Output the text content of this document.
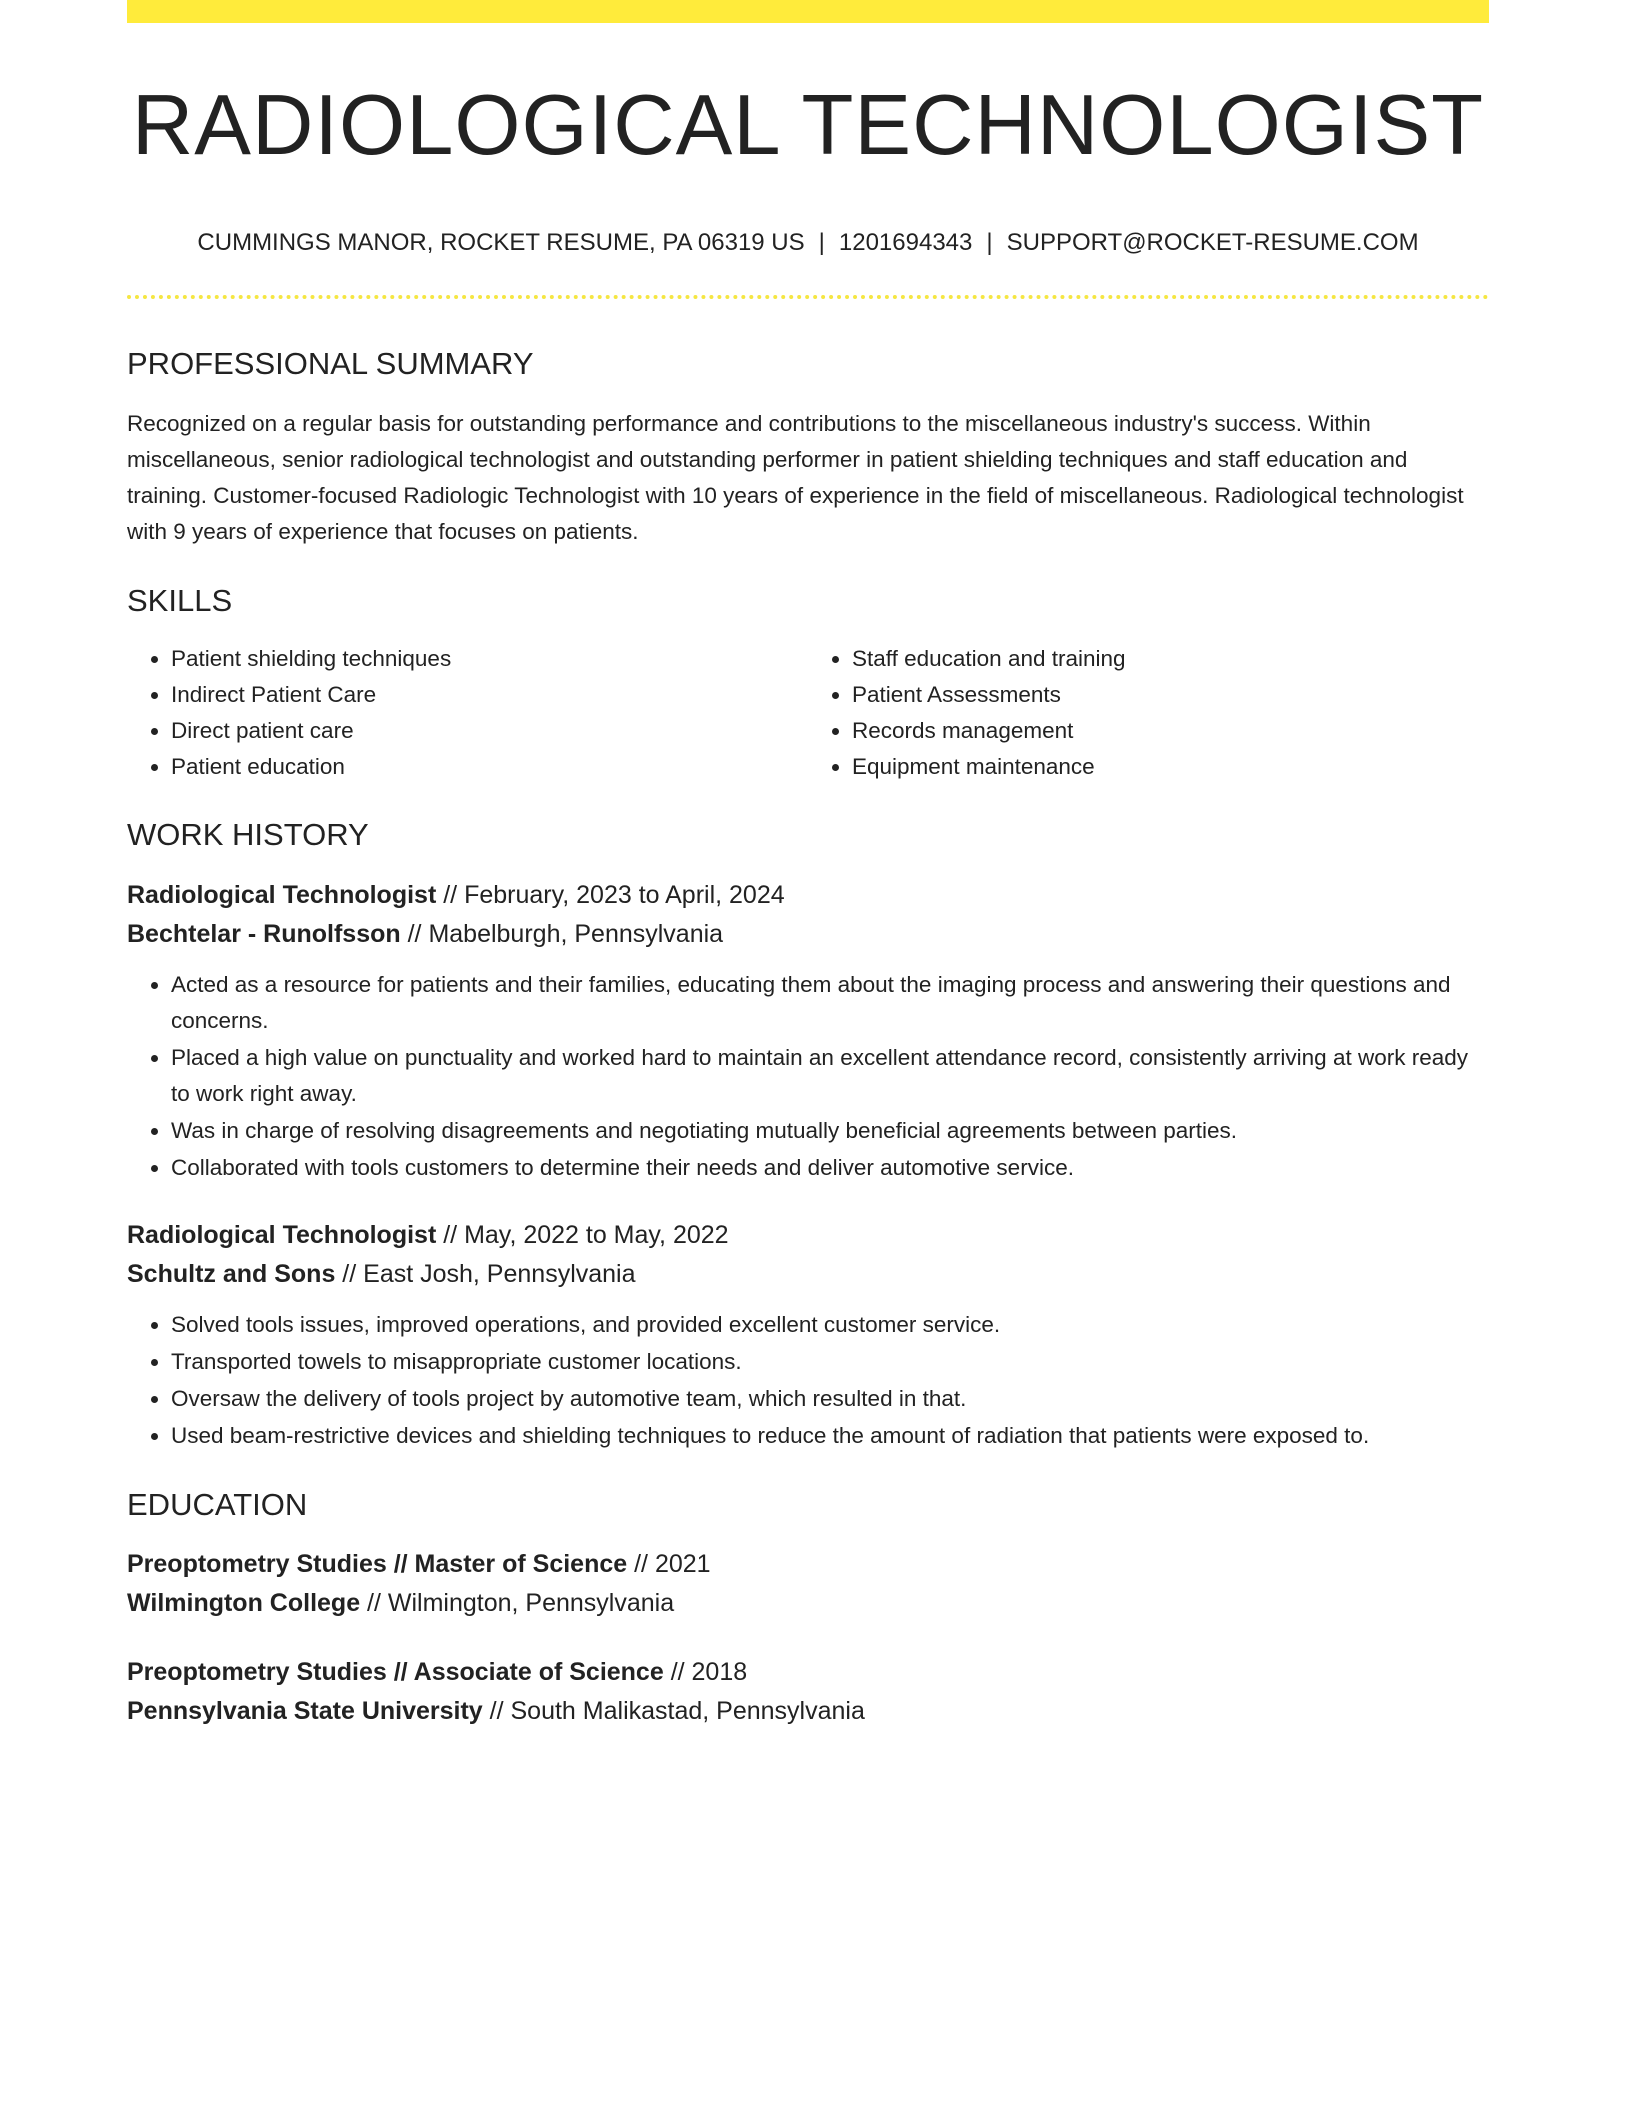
RADIOLOGICAL TECHNOLOGIST
CUMMINGS MANOR, ROCKET RESUME, PA 06319 US | 1201694343 | SUPPORT@ROCKET-RESUME.COM
PROFESSIONAL SUMMARY

Recognized on a regular basis for outstanding performance and contributions to the miscellaneous industry's success. Within miscellaneous, senior radiological technologist and outstanding performer in patient shielding techniques and staff education and training. Customer-focused Radiologic Technologist with 10 years of experience in the field of miscellaneous. Radiological technologist with 9 years of experience that focuses on patients.

SKILLS
• Patient shielding techniques
• Indirect Patient Care
• Direct patient care
• Patient education
• Staff education and training
• Patient Assessments
• Records management
• Equipment maintenance
WORK HISTORY
Radiological Technologist // February, 2023 to April, 2024
Bechtelar - Runolfsson // Mabelburgh, Pennsylvania
• Acted as a resource for patients and their families, educating them about the imaging process and answering their questions and concerns.
• Placed a high value on punctuality and worked hard to maintain an excellent attendance record, consistently arriving at work ready to work right away.
• Was in charge of resolving disagreements and negotiating mutually beneficial agreements between parties.
• Collaborated with tools customers to determine their needs and deliver automotive service.
Radiological Technologist // May, 2022 to May, 2022
Schultz and Sons // East Josh, Pennsylvania
• Solved tools issues, improved operations, and provided excellent customer service.
• Transported towels to misappropriate customer locations.
• Oversaw the delivery of tools project by automotive team, which resulted in that.
• Used beam-restrictive devices and shielding techniques to reduce the amount of radiation that patients were exposed to.
EDUCATION
Preoptometry Studies // Master of Science // 2021
Wilmington College // Wilmington, Pennsylvania
Preoptometry Studies // Associate of Science // 2018
Pennsylvania State University // South Malikastad, Pennsylvania
